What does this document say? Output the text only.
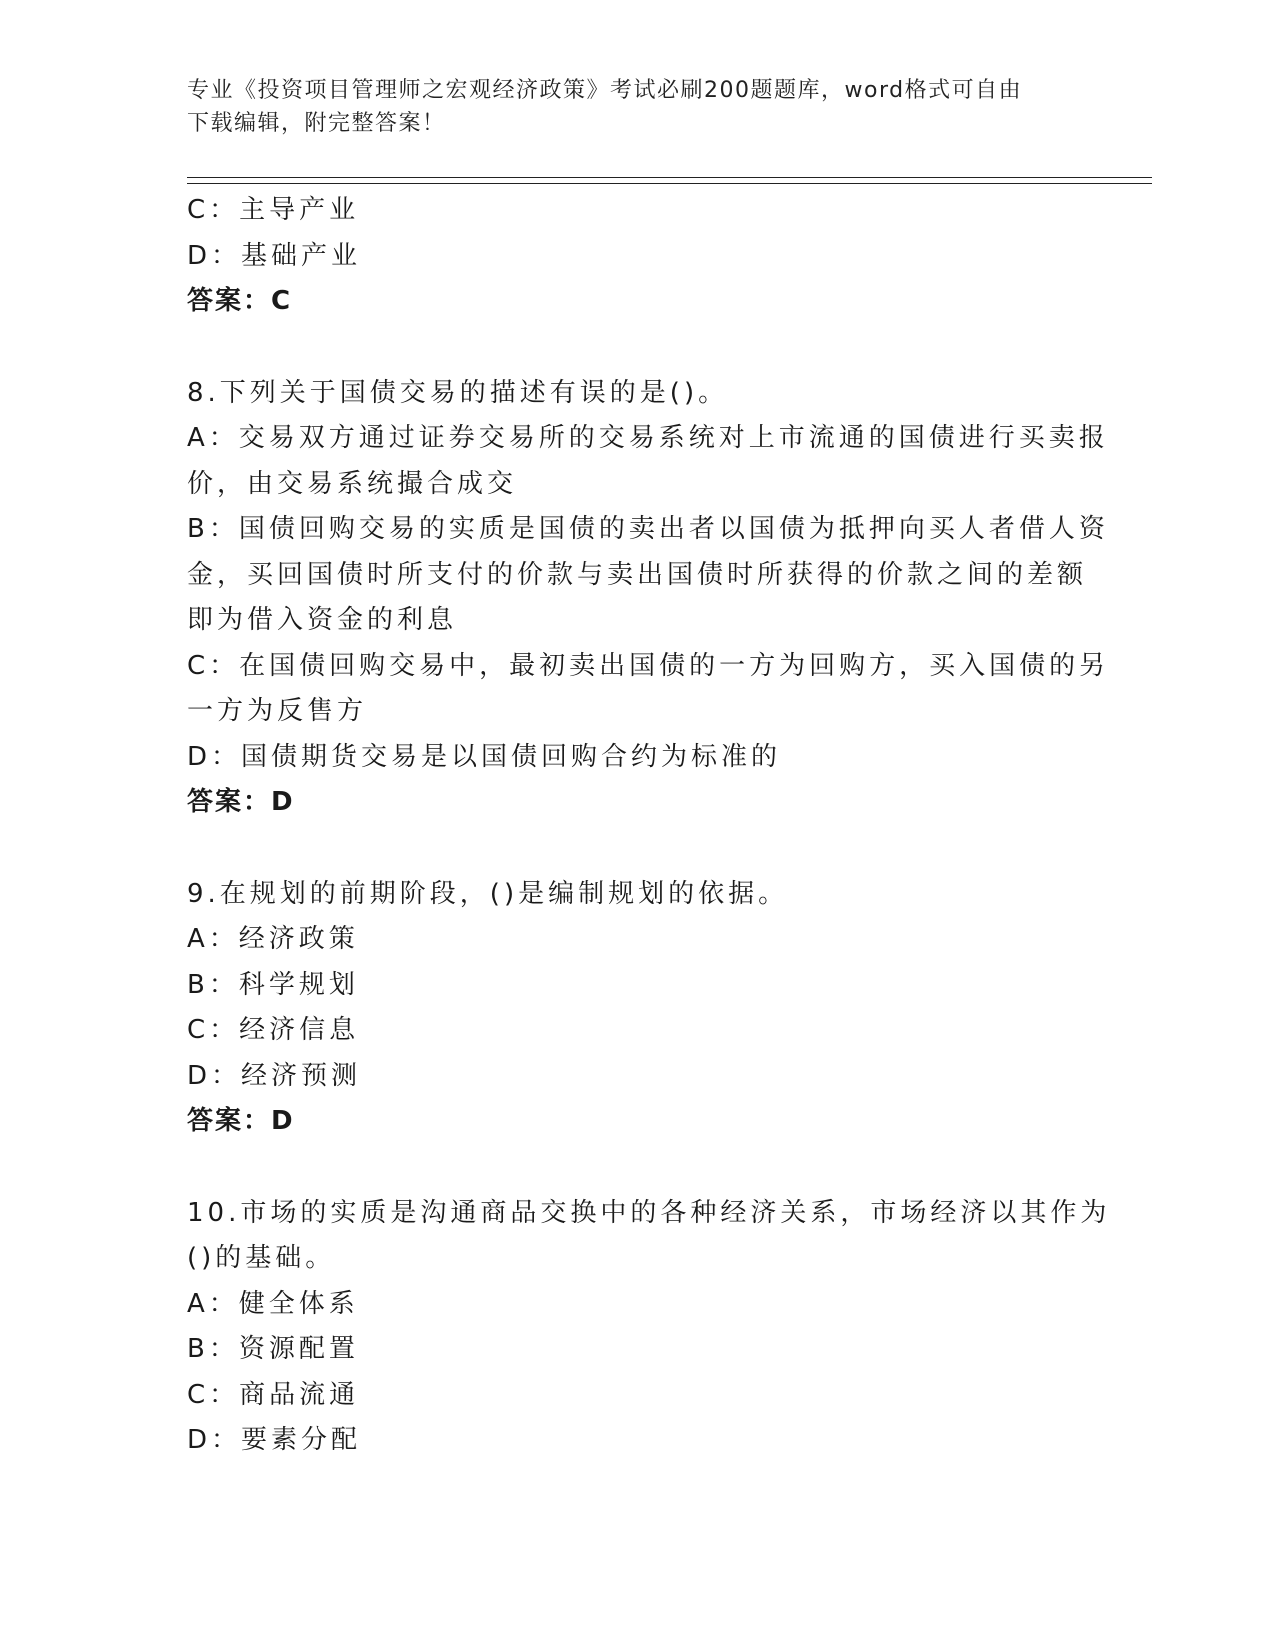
专业《投资项目管理师之宏观经济政策》考试必刷200题题库，word格式可自由
下载编辑，附完整答案！
C：主导产业
D：基础产业
答案：C
8.下列关于国债交易的描述有误的是()。
A：交易双方通过证券交易所的交易系统对上市流通的国债进行买卖报
价，由交易系统撮合成交
B：国债回购交易的实质是国债的卖出者以国债为抵押向买人者借人资
金，买回国债时所支付的价款与卖出国债时所获得的价款之间的差额
即为借入资金的利息
C：在国债回购交易中，最初卖出国债的一方为回购方，买入国债的另
一方为反售方
D：国债期货交易是以国债回购合约为标准的
答案：D
9.在规划的前期阶段，()是编制规划的依据。
A：经济政策
B：科学规划
C：经济信息
D：经济预测
答案：D
10.市场的实质是沟通商品交换中的各种经济关系，市场经济以其作为
()的基础。
A：健全体系
B：资源配置
C：商品流通
D：要素分配
